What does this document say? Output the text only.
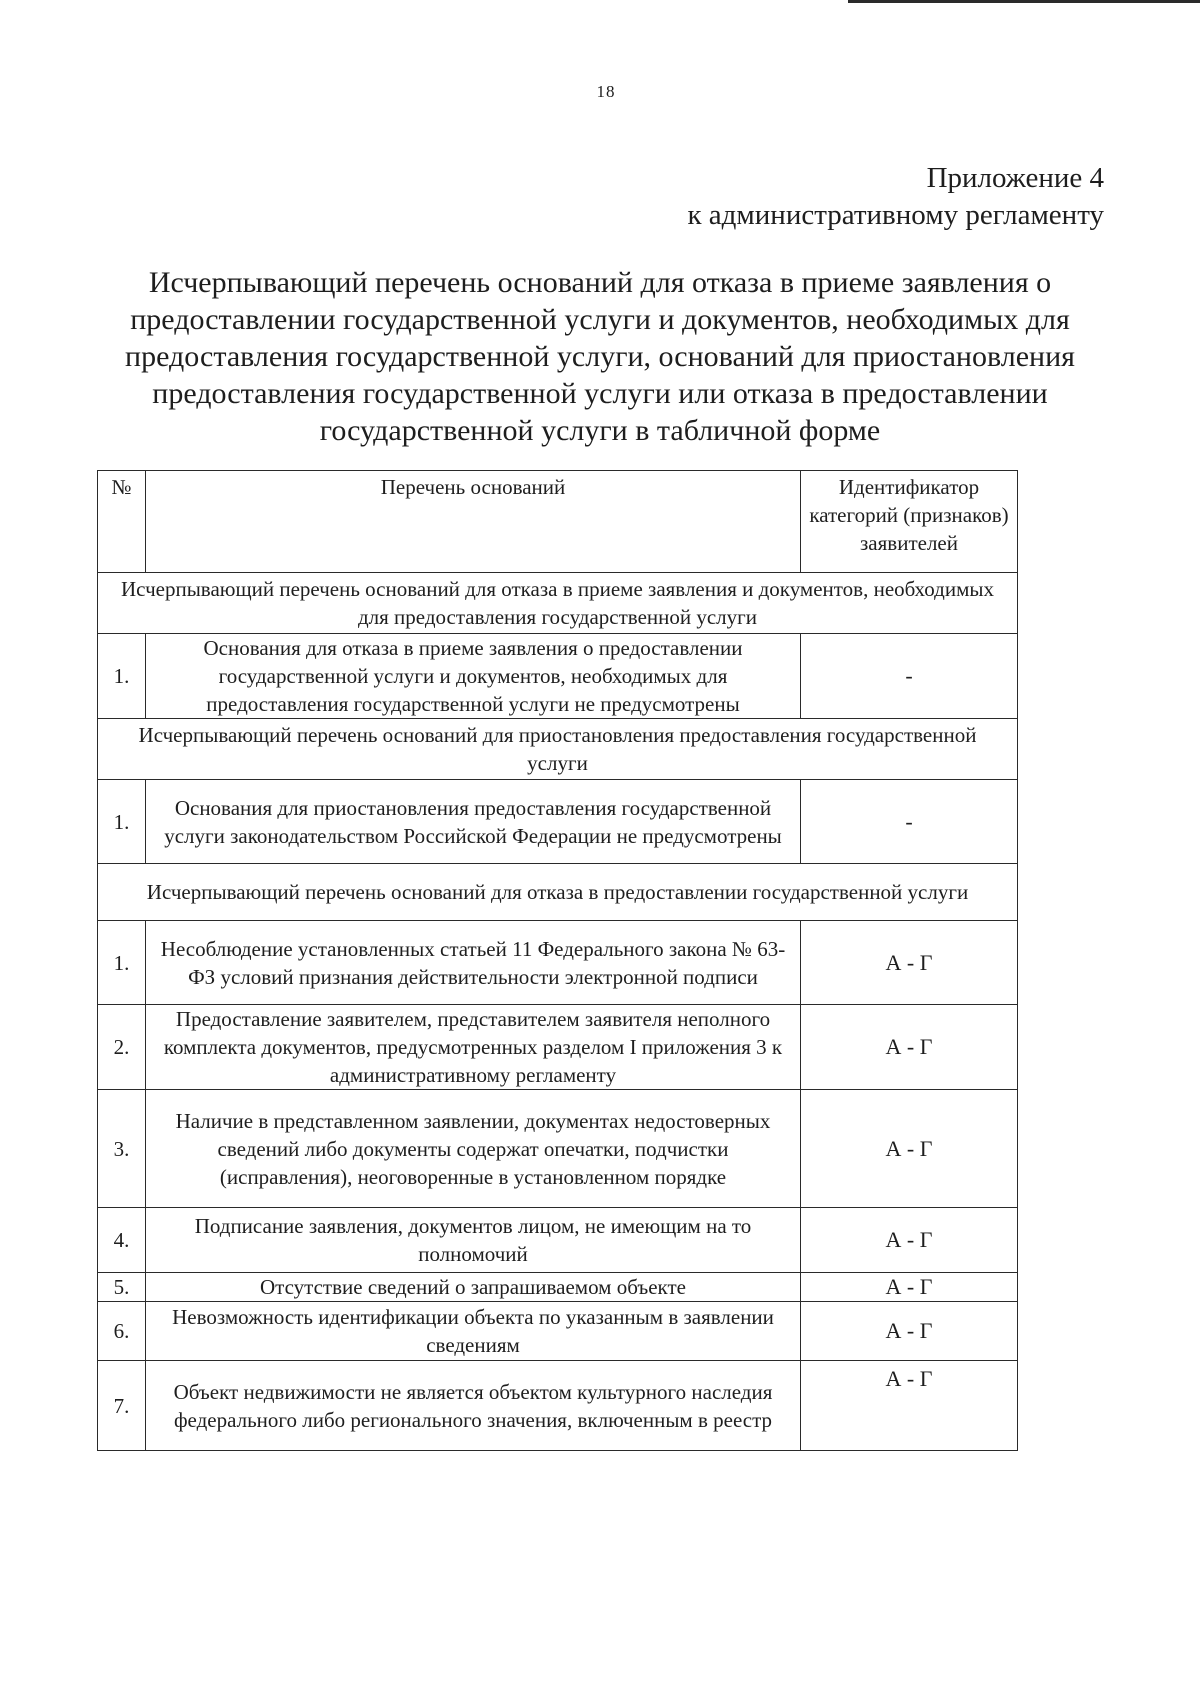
18
Приложение 4
к административному регламенту
Исчерпывающий перечень оснований для отказа в приеме заявления о предоставлении государственной услуги и документов, необходимых для предоставления государственной услуги, оснований для приостановления предоставления государственной услуги или отказа в предоставлении государственной услуги в табличной форме
№	Перечень оснований	Идентификатор категорий (признаков) заявителей
Исчерпывающий перечень оснований для отказа в приеме заявления и документов, необходимых для предоставления государственной услуги		
1.	Основания для отказа в приеме заявления о предоставлении государственной услуги и документов, необходимых для предоставления государственной услуги не предусмотрены	-
Исчерпывающий перечень оснований для приостановления предоставления государственной услуги		
1.	Основания для приостановления предоставления государственной услуги законодательством Российской Федерации не предусмотрены	-
Исчерпывающий перечень оснований для отказа в предоставлении государственной услуги		
1.	Несоблюдение установленных статьей 11 Федерального закона № 63-ФЗ условий признания действительности электронной подписи	А - Г
2.	Предоставление заявителем, представителем заявителя неполного комплекта документов, предусмотренных разделом I приложения 3 к административному регламенту	А - Г
3.	Наличие в представленном заявлении, документах недостоверных сведений либо документы содержат опечатки, подчистки (исправления), неоговоренные в установленном порядке	А - Г
4.	Подписание заявления, документов лицом, не имеющим на то полномочий	А - Г
5.	Отсутствие сведений о запрашиваемом объекте	А - Г
6.	Невозможность идентификации объекта по указанным в заявлении сведениям	А - Г
7.	Объект недвижимости не является объектом культурного наследия федерального либо регионального значения, включенным в реестр	А - Г
